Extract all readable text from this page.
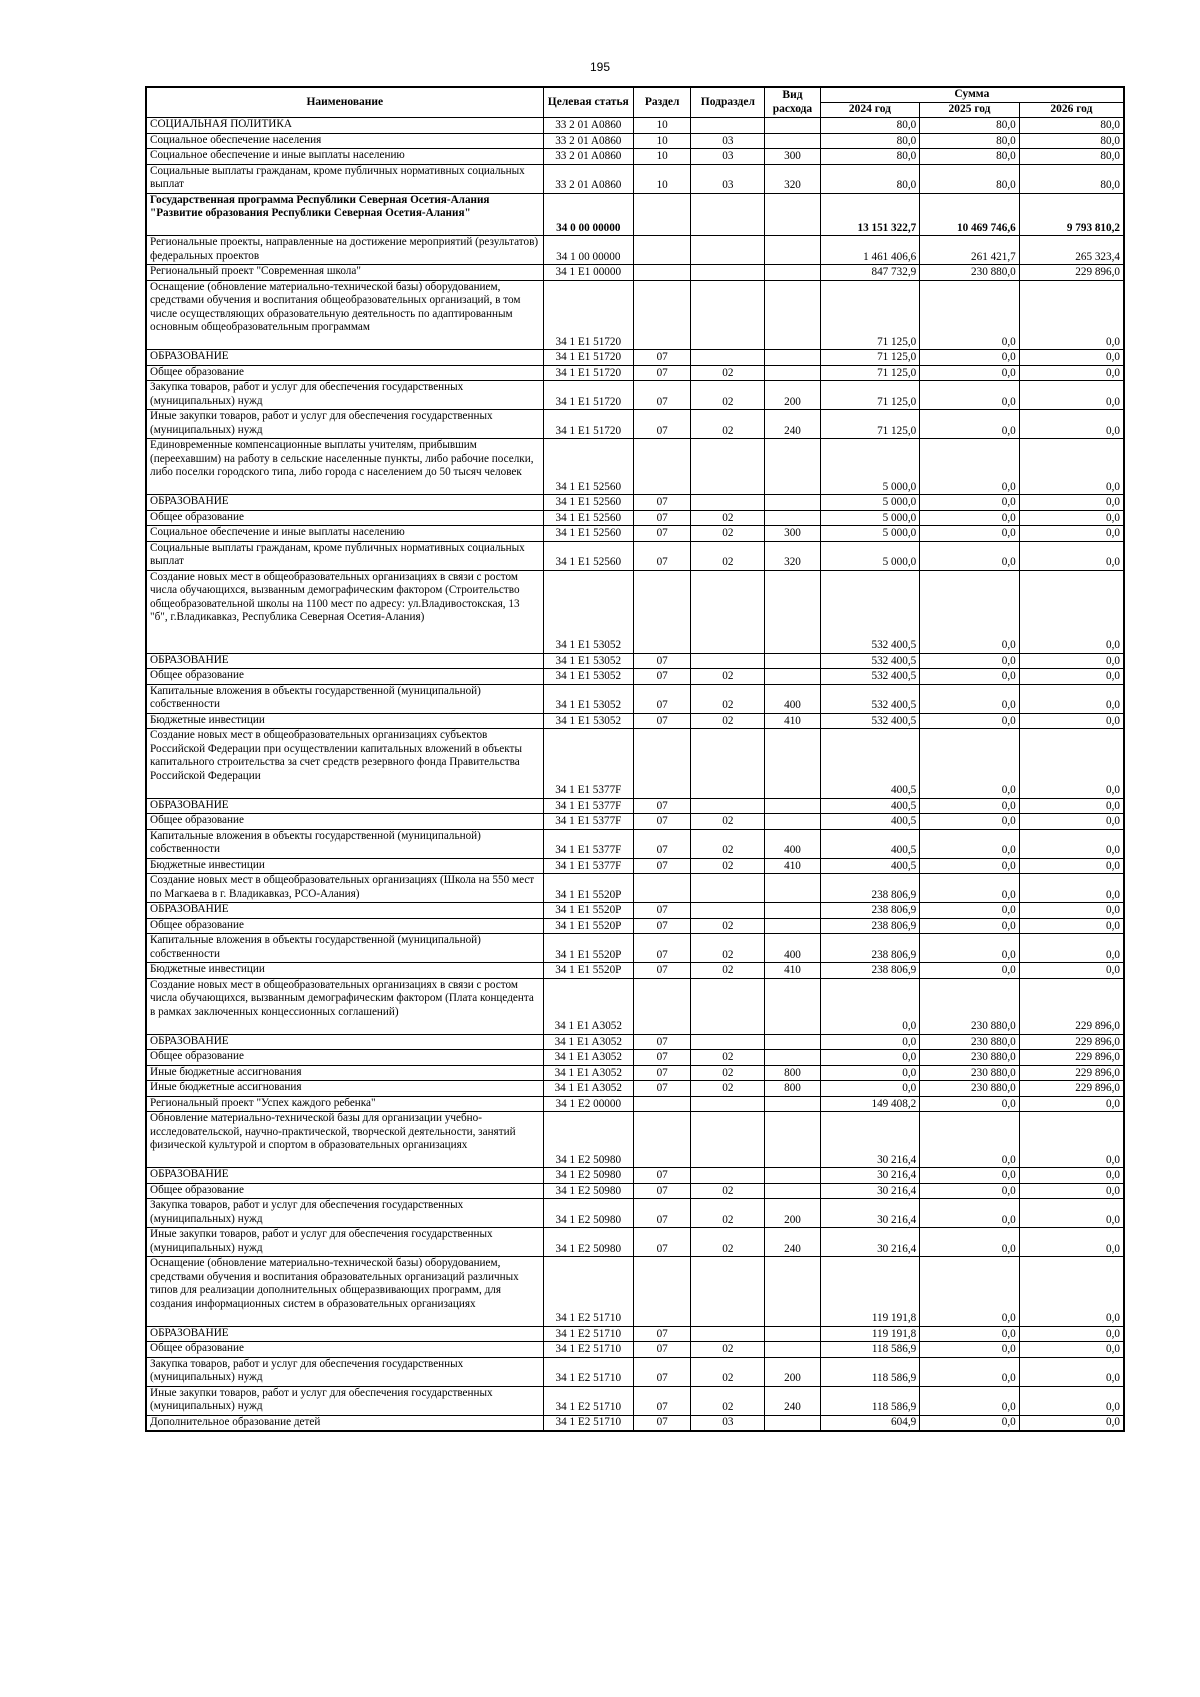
195
Наименование	Целевая статья	Раздел	Подраздел	Вид расхода	Сумма		
					2024 год	2025 год	2026 год
СОЦИАЛЬНАЯ ПОЛИТИКА	33 2 01 A0860	10			80,0	80,0	80,0
Социальное обеспечение населения	33 2 01 A0860	10	03		80,0	80,0	80,0
Социальное обеспечение и иные выплаты населению	33 2 01 A0860	10	03	300	80,0	80,0	80,0
Социальные выплаты гражданам, кроме публичных нормативных социальных выплат	33 2 01 A0860	10	03	320	80,0	80,0	80,0
Государственная программа Республики Северная Осетия-Алания "Развитие образования Республики Северная Осетия-Алания"	34 0 00 00000				13 151 322,7	10 469 746,6	9 793 810,2
Региональные проекты, направленные на достижение мероприятий (результатов) федеральных проектов	34 1 00 00000				1 461 406,6	261 421,7	265 323,4
Региональный проект "Современная школа"	34 1 E1 00000				847 732,9	230 880,0	229 896,0
Оснащение (обновление материально-технической базы) оборудованием, средствами обучения и воспитания общеобразовательных организаций, в том числе осуществляющих образовательную деятельность по адаптированным основным общеобразовательным программам	34 1 E1 51720				71 125,0	0,0	0,0
ОБРАЗОВАНИЕ	34 1 E1 51720	07			71 125,0	0,0	0,0
Общее образование	34 1 E1 51720	07	02		71 125,0	0,0	0,0
Закупка товаров, работ и услуг для обеспечения государственных (муниципальных) нужд	34 1 E1 51720	07	02	200	71 125,0	0,0	0,0
Иные закупки товаров, работ и услуг для обеспечения государственных (муниципальных) нужд	34 1 E1 51720	07	02	240	71 125,0	0,0	0,0
Единовременные компенсационные выплаты учителям, прибывшим (переехавшим) на работу в сельские населенные пункты, либо рабочие поселки, либо поселки городского типа, либо города с населением до 50 тысяч человек	34 1 E1 52560				5 000,0	0,0	0,0
ОБРАЗОВАНИЕ	34 1 E1 52560	07			5 000,0	0,0	0,0
Общее образование	34 1 E1 52560	07	02		5 000,0	0,0	0,0
Социальное обеспечение и иные выплаты населению	34 1 E1 52560	07	02	300	5 000,0	0,0	0,0
Социальные выплаты гражданам, кроме публичных нормативных социальных выплат	34 1 E1 52560	07	02	320	5 000,0	0,0	0,0
Создание новых мест в общеобразовательных организациях в связи с ростом числа обучающихся, вызванным демографическим фактором (Строительство общеобразовательной школы на 1100 мест по адресу: ул.Владивостокская, 13 "б", г.Владикавказ, Республика Северная Осетия-Алания)	34 1 E1 53052				532 400,5	0,0	0,0
ОБРАЗОВАНИЕ	34 1 E1 53052	07			532 400,5	0,0	0,0
Общее образование	34 1 E1 53052	07	02		532 400,5	0,0	0,0
Капитальные вложения в объекты государственной (муниципальной) собственности	34 1 E1 53052	07	02	400	532 400,5	0,0	0,0
Бюджетные инвестиции	34 1 E1 53052	07	02	410	532 400,5	0,0	0,0
Создание новых мест в общеобразовательных организациях субъектов Российской Федерации при осуществлении капитальных вложений в объекты капитального строительства за счет средств резервного фонда Правительства Российской Федерации	34 1 E1 5377F				400,5	0,0	0,0
ОБРАЗОВАНИЕ	34 1 E1 5377F	07			400,5	0,0	0,0
Общее образование	34 1 E1 5377F	07	02		400,5	0,0	0,0
Капитальные вложения в объекты государственной (муниципальной) собственности	34 1 E1 5377F	07	02	400	400,5	0,0	0,0
Бюджетные инвестиции	34 1 E1 5377F	07	02	410	400,5	0,0	0,0
Создание новых мест в общеобразовательных организациях (Школа на 550 мест по Магкаева в г. Владикавказ, РСО-Алания)	34 1 E1 5520P				238 806,9	0,0	0,0
ОБРАЗОВАНИЕ	34 1 E1 5520P	07			238 806,9	0,0	0,0
Общее образование	34 1 E1 5520P	07	02		238 806,9	0,0	0,0
Капитальные вложения в объекты государственной (муниципальной) собственности	34 1 E1 5520P	07	02	400	238 806,9	0,0	0,0
Бюджетные инвестиции	34 1 E1 5520P	07	02	410	238 806,9	0,0	0,0
Создание новых мест в общеобразовательных организациях в связи с ростом числа обучающихся, вызванным демографическим фактором (Плата концедента в рамках заключенных концессионных соглашений)	34 1 E1 A3052				0,0	230 880,0	229 896,0
ОБРАЗОВАНИЕ	34 1 E1 A3052	07			0,0	230 880,0	229 896,0
Общее образование	34 1 E1 A3052	07	02		0,0	230 880,0	229 896,0
Иные бюджетные ассигнования	34 1 E1 A3052	07	02	800	0,0	230 880,0	229 896,0
Иные бюджетные ассигнования	34 1 E1 A3052	07	02	800	0,0	230 880,0	229 896,0
Региональный проект "Успех каждого ребенка"	34 1 E2 00000				149 408,2	0,0	0,0
Обновление материально-технической базы для организации учебно-исследовательской, научно-практической, творческой деятельности, занятий физической культурой и спортом в образовательных организациях	34 1 E2 50980				30 216,4	0,0	0,0
ОБРАЗОВАНИЕ	34 1 E2 50980	07			30 216,4	0,0	0,0
Общее образование	34 1 E2 50980	07	02		30 216,4	0,0	0,0
Закупка товаров, работ и услуг для обеспечения государственных (муниципальных) нужд	34 1 E2 50980	07	02	200	30 216,4	0,0	0,0
Иные закупки товаров, работ и услуг для обеспечения государственных (муниципальных) нужд	34 1 E2 50980	07	02	240	30 216,4	0,0	0,0
Оснащение (обновление материально-технической базы) оборудованием, средствами обучения и воспитания образовательных организаций различных типов для реализации дополнительных общеразвивающих программ, для создания информационных систем в образовательных организациях	34 1 E2 51710				119 191,8	0,0	0,0
ОБРАЗОВАНИЕ	34 1 E2 51710	07			119 191,8	0,0	0,0
Общее образование	34 1 E2 51710	07	02		118 586,9	0,0	0,0
Закупка товаров, работ и услуг для обеспечения государственных (муниципальных) нужд	34 1 E2 51710	07	02	200	118 586,9	0,0	0,0
Иные закупки товаров, работ и услуг для обеспечения государственных (муниципальных) нужд	34 1 E2 51710	07	02	240	118 586,9	0,0	0,0
Дополнительное образование детей	34 1 E2 51710	07	03		604,9	0,0	0,0
